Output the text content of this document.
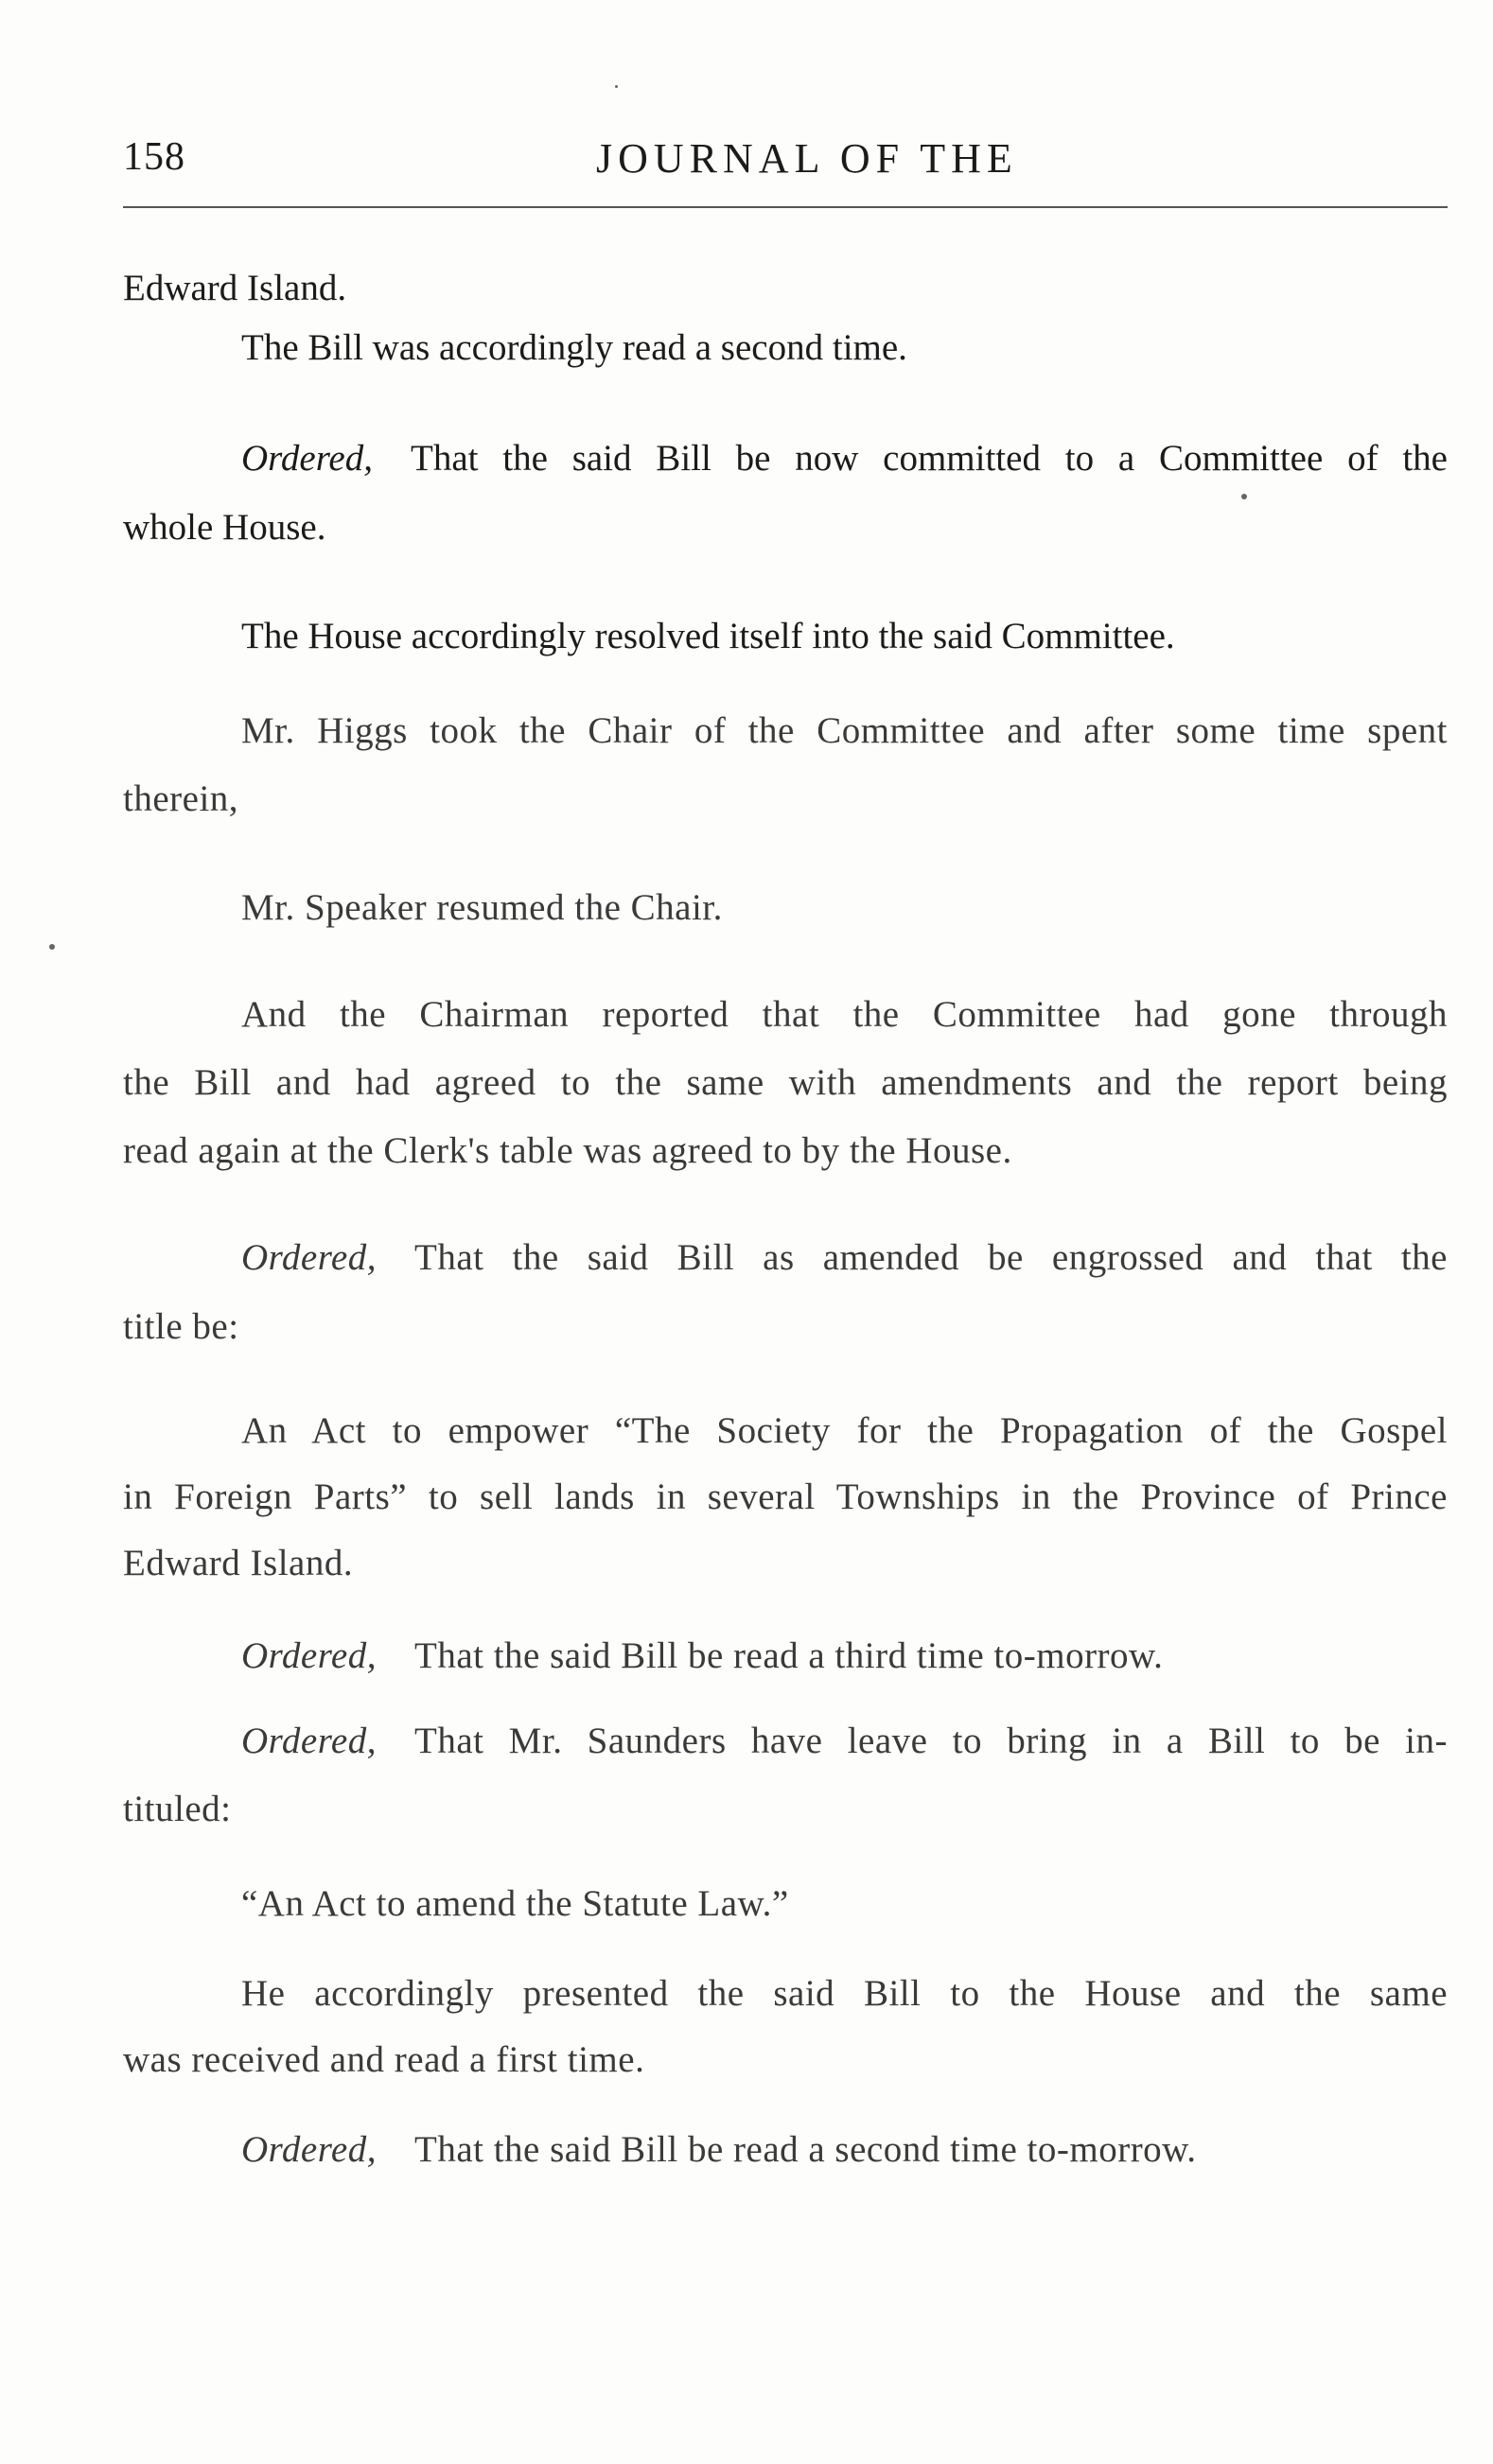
158	JOURNAL OF THE
Edward Island.
The Bill was accordingly read a second time.
Ordered, That the said Bill be now committed to a Committee of the
whole House.
The House accordingly resolved itself into the said Committee.
Mr. Higgs took the Chair of the Committee and after some time spent
therein,
Mr. Speaker resumed the Chair.
And the Chairman reported that the Committee had gone through
the Bill and had agreed to the same with amendments and the report being
read again at the Clerk's table was agreed to by the House.
Ordered, That the said Bill as amended be engrossed and that the
title be:
An Act to empower “The Society for the Propagation of the Gospel
in Foreign Parts” to sell lands in several Townships in the Province of Prince
Edward Island.
Ordered, That the said Bill be read a third time to-morrow.
Ordered, That Mr. Saunders have leave to bring in a Bill to be in-
tituled:
“An Act to amend the Statute Law.”
He accordingly presented the said Bill to the House and the same
was received and read a first time.
Ordered, That the said Bill be read a second time to-morrow.
